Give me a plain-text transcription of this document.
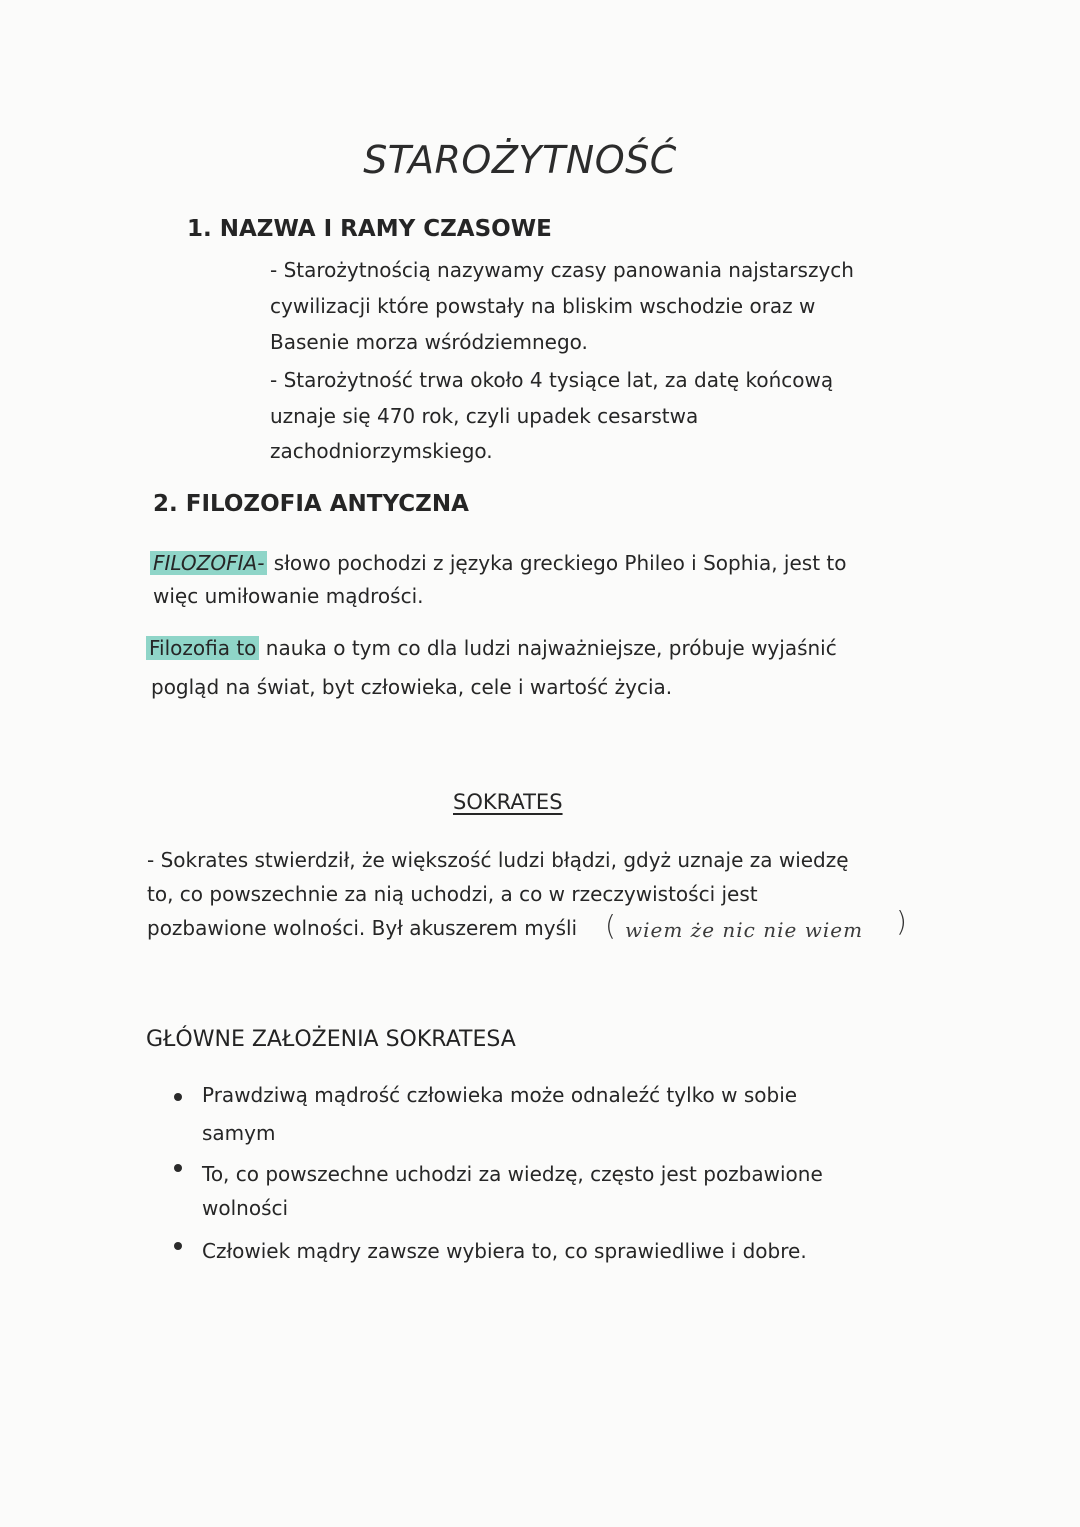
STAROŻYTNOŚĆ
1. NAZWA I RAMY CZASOWE
- Starożytnością nazywamy czasy panowania najstarszych
cywilizacji które powstały na bliskim wschodzie oraz w
Basenie morza wśródziemnego.
- Starożytność trwa około 4 tysiące lat, za datę końcową
uznaje się 470 rok, czyli upadek cesarstwa
zachodniorzymskiego.
2. FILOZOFIA ANTYCZNA
FILOZOFIA- słowo pochodzi z języka greckiego Phileo i Sophia, jest to
więc umiłowanie mądrości.
Filozofia to nauka o tym co dla ludzi najważniejsze, próbuje wyjaśnić
pogląd na świat, byt człowieka, cele i wartość życia.
SOKRATES
- Sokrates stwierdził, że większość ludzi błądzi, gdyż uznaje za wiedzę
to, co powszechnie za nią uchodzi, a co w rzeczywistości jest
pozbawione wolności. Był akuszerem myśli ( wiem że nic nie wiem )
GŁÓWNE ZAŁOŻENIA SOKRATESA
Prawdziwą mądrość człowieka może odnaleźć tylko w sobie
samym
To, co powszechne uchodzi za wiedzę, często jest pozbawione
wolności
Człowiek mądry zawsze wybiera to, co sprawiedliwe i dobre.
